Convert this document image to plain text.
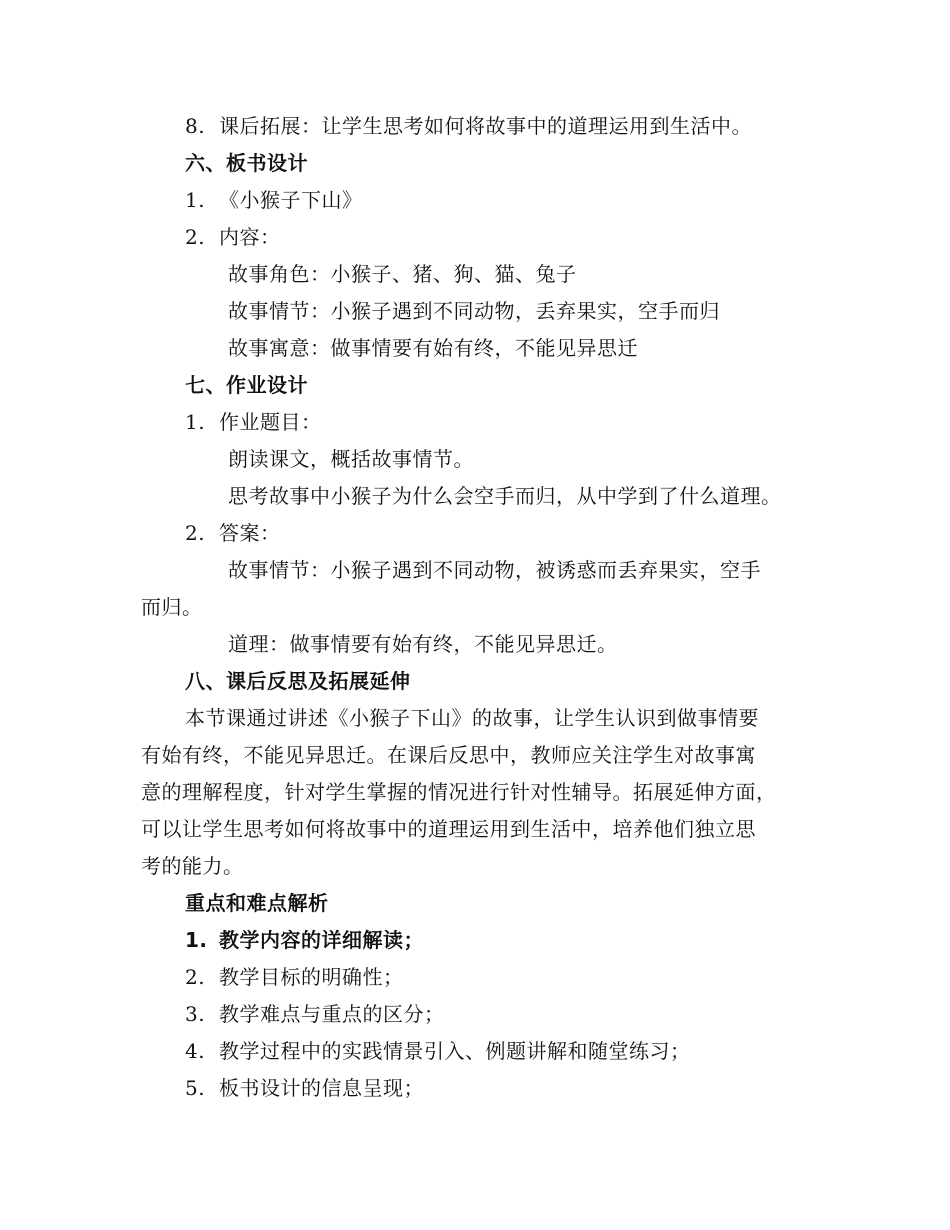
8. 课后拓展：让学生思考如何将故事中的道理运用到生活中。
六、板书设计
1. 《小猴子下山》
2. 内容：
故事角色：小猴子、猪、狗、猫、兔子
故事情节：小猴子遇到不同动物，丢弃果实，空手而归
故事寓意：做事情要有始有终，不能见异思迁
七、作业设计
1. 作业题目：
朗读课文，概括故事情节。
思考故事中小猴子为什么会空手而归，从中学到了什么道理。
2. 答案：
故事情节：小猴子遇到不同动物，被诱惑而丢弃果实，空手
而归。
道理：做事情要有始有终，不能见异思迁。
八、课后反思及拓展延伸
本节课通过讲述《小猴子下山》的故事，让学生认识到做事情要
有始有终，不能见异思迁。在课后反思中，教师应关注学生对故事寓
意的理解程度，针对学生掌握的情况进行针对性辅导。拓展延伸方面，
可以让学生思考如何将故事中的道理运用到生活中，培养他们独立思
考的能力。
重点和难点解析
1. 教学内容的详细解读；
2. 教学目标的明确性；
3. 教学难点与重点的区分；
4. 教学过程中的实践情景引入、例题讲解和随堂练习；
5. 板书设计的信息呈现；
